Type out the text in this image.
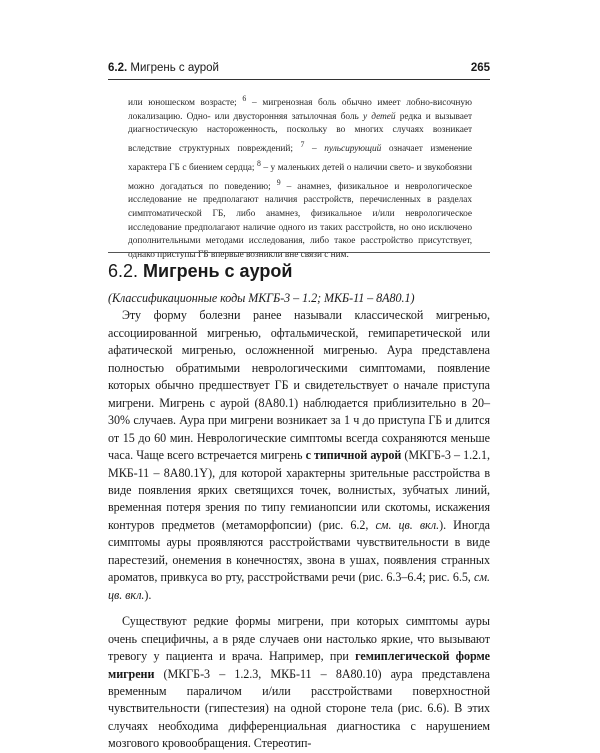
6.2. Мигрень с аурой	265

или юношеском возрасте; $^6$ – мигренозная боль обычно имеет лобно-височную локализацию. Одно- или двусторонняя затылочная боль у детей редка и вызывает диагностическую настороженность, поскольку во многих случаях возникает вследствие структурных повреждений; $^7$ – пульсирующий означает изменение характера ГБ с биением сердца; $^8$ – у маленьких детей о наличии свето- и звукобоязни можно догадаться по поведению; $^9$ – анамнез, физикальное и неврологическое исследование не предполагают наличия расстройств, перечисленных в разделах симптоматической ГБ, либо анамнез, физикальное и/или неврологическое исследование предполагают наличие одного из таких расстройств, но оно исключено дополнительными методами исследования, либо такое расстройство присутствует, однако приступы ГБ впервые возникли вне связи с ним.

6.2. Мигрень с аурой

(Классификационные коды МКГБ-3 – 1.2; МКБ-11 – 8А80.1)

Эту форму болезни ранее называли классической мигренью, ассоциированной мигренью, офтальмической, гемипаретической или афатической мигренью, осложненной мигренью. Аура представлена полностью обратимыми неврологическими симптомами, появление которых обычно предшествует ГБ и свидетельствует о начале приступа мигрени. Мигрень с аурой (8А80.1) наблюдается приблизительно в 20–30% случаев. Аура при мигрени возникает за 1 ч до приступа ГБ и длится от 15 до 60 мин. Неврологические симптомы всегда сохраняются меньше часа. Чаще всего встречается мигрень с типичной аурой (МКГБ-3 – 1.2.1, МКБ-11 – 8А80.1Y), для которой характерны зрительные расстройства в виде появления ярких светящихся точек, волнистых, зубчатых линий, временная потеря зрения по типу гемианопсии или скотомы, искажения контуров предметов (метаморфопсии) (рис. 6.2, см. цв. вкл.). Иногда симптомы ауры проявляются расстройствами чувствительности в виде парестезий, онемения в конечностях, звона в ушах, появления странных ароматов, привкуса во рту, расстройствами речи (рис. 6.3–6.4; рис. 6.5, см. цв. вкл.).

Существуют редкие формы мигрени, при которых симптомы ауры очень специфичны, а в ряде случаев они настолько яркие, что вызывают тревогу у пациента и врача. Например, при гемиплегической форме мигрени (МКГБ-3 – 1.2.3, МКБ-11 – 8А80.10) аура представлена временным параличом и/или расстройствами поверхностной чувствительности (гипестезия) на одной стороне тела (рис. 6.6). В этих случаях необходима дифференциальная диагностика с нарушением мозгового кровообращения. Стереотип-
